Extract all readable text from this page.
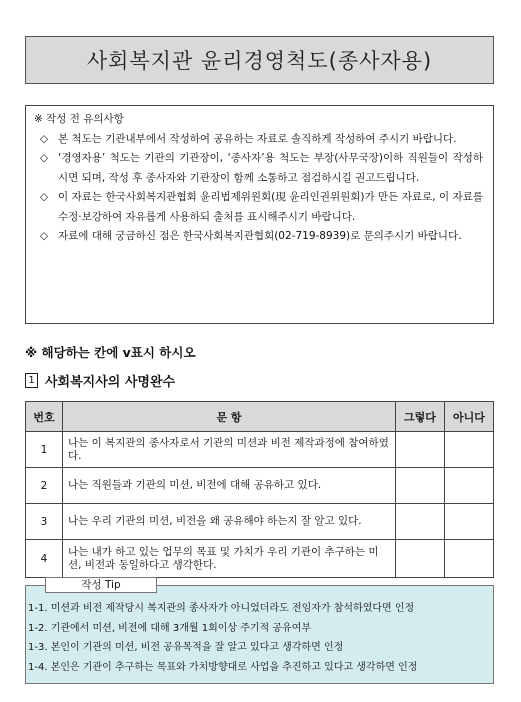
사회복지관 윤리경영척도(종사자용)
※ 작성 전 유의사항
◇ 본 척도는 기관내부에서 작성하여 공유하는 자료로 솔직하게 작성하여 주시기 바랍니다.
◇ ‘경영자용’ 척도는 기관의 기관장이, ‘종사자’용 척도는 부장(사무국장)이하 직원들이 작성하시면 되며, 작성 후 종사자와 기관장이 함께 소통하고 점검하시길 권고드립니다.
◇ 이 자료는 한국사회복지관협회 윤리법제위원회(現 윤리인권위원회)가 만든 자료로, 이 자료를 수정·보강하여 자유롭게 사용하되 출처를 표시해주시기 바랍니다.
◇ 자료에 대해 궁금하신 점은 한국사회복지관협회(02-719-8939)로 문의주시기 바랍니다.
※ 해당하는 칸에 v표시 하시오
1 사회복지사의 사명완수
번호	문 항	그렇다	아니다
1	나는 이 복지관의 종사자로서 기관의 미션과 비전 제작과정에 참여하였다.		
2	나는 직원들과 기관의 미션, 비전에 대해 공유하고 있다.		
3	나는 우리 기관의 미션, 비전을 왜 공유해야 하는지 잘 알고 있다.		
4	나는 내가 하고 있는 업무의 목표 및 가치가 우리 기관이 추구하는 미션, 비전과 동일하다고 생각한다.		
1-1. 미션과 비전 제작당시 복지관의 종사자가 아니었더라도 전임자가 참석하였다면 인정
1-2. 기관에서 미션, 비전에 대해 3개월 1회이상 주기적 공유여부
1-3. 본인이 기관의 미션, 비전 공유목적을 잘 알고 있다고 생각하면 인정
1-4. 본인은 기관이 추구하는 목표와 가치방향대로 사업을 추진하고 있다고 생각하면 인정
작성 Tip
